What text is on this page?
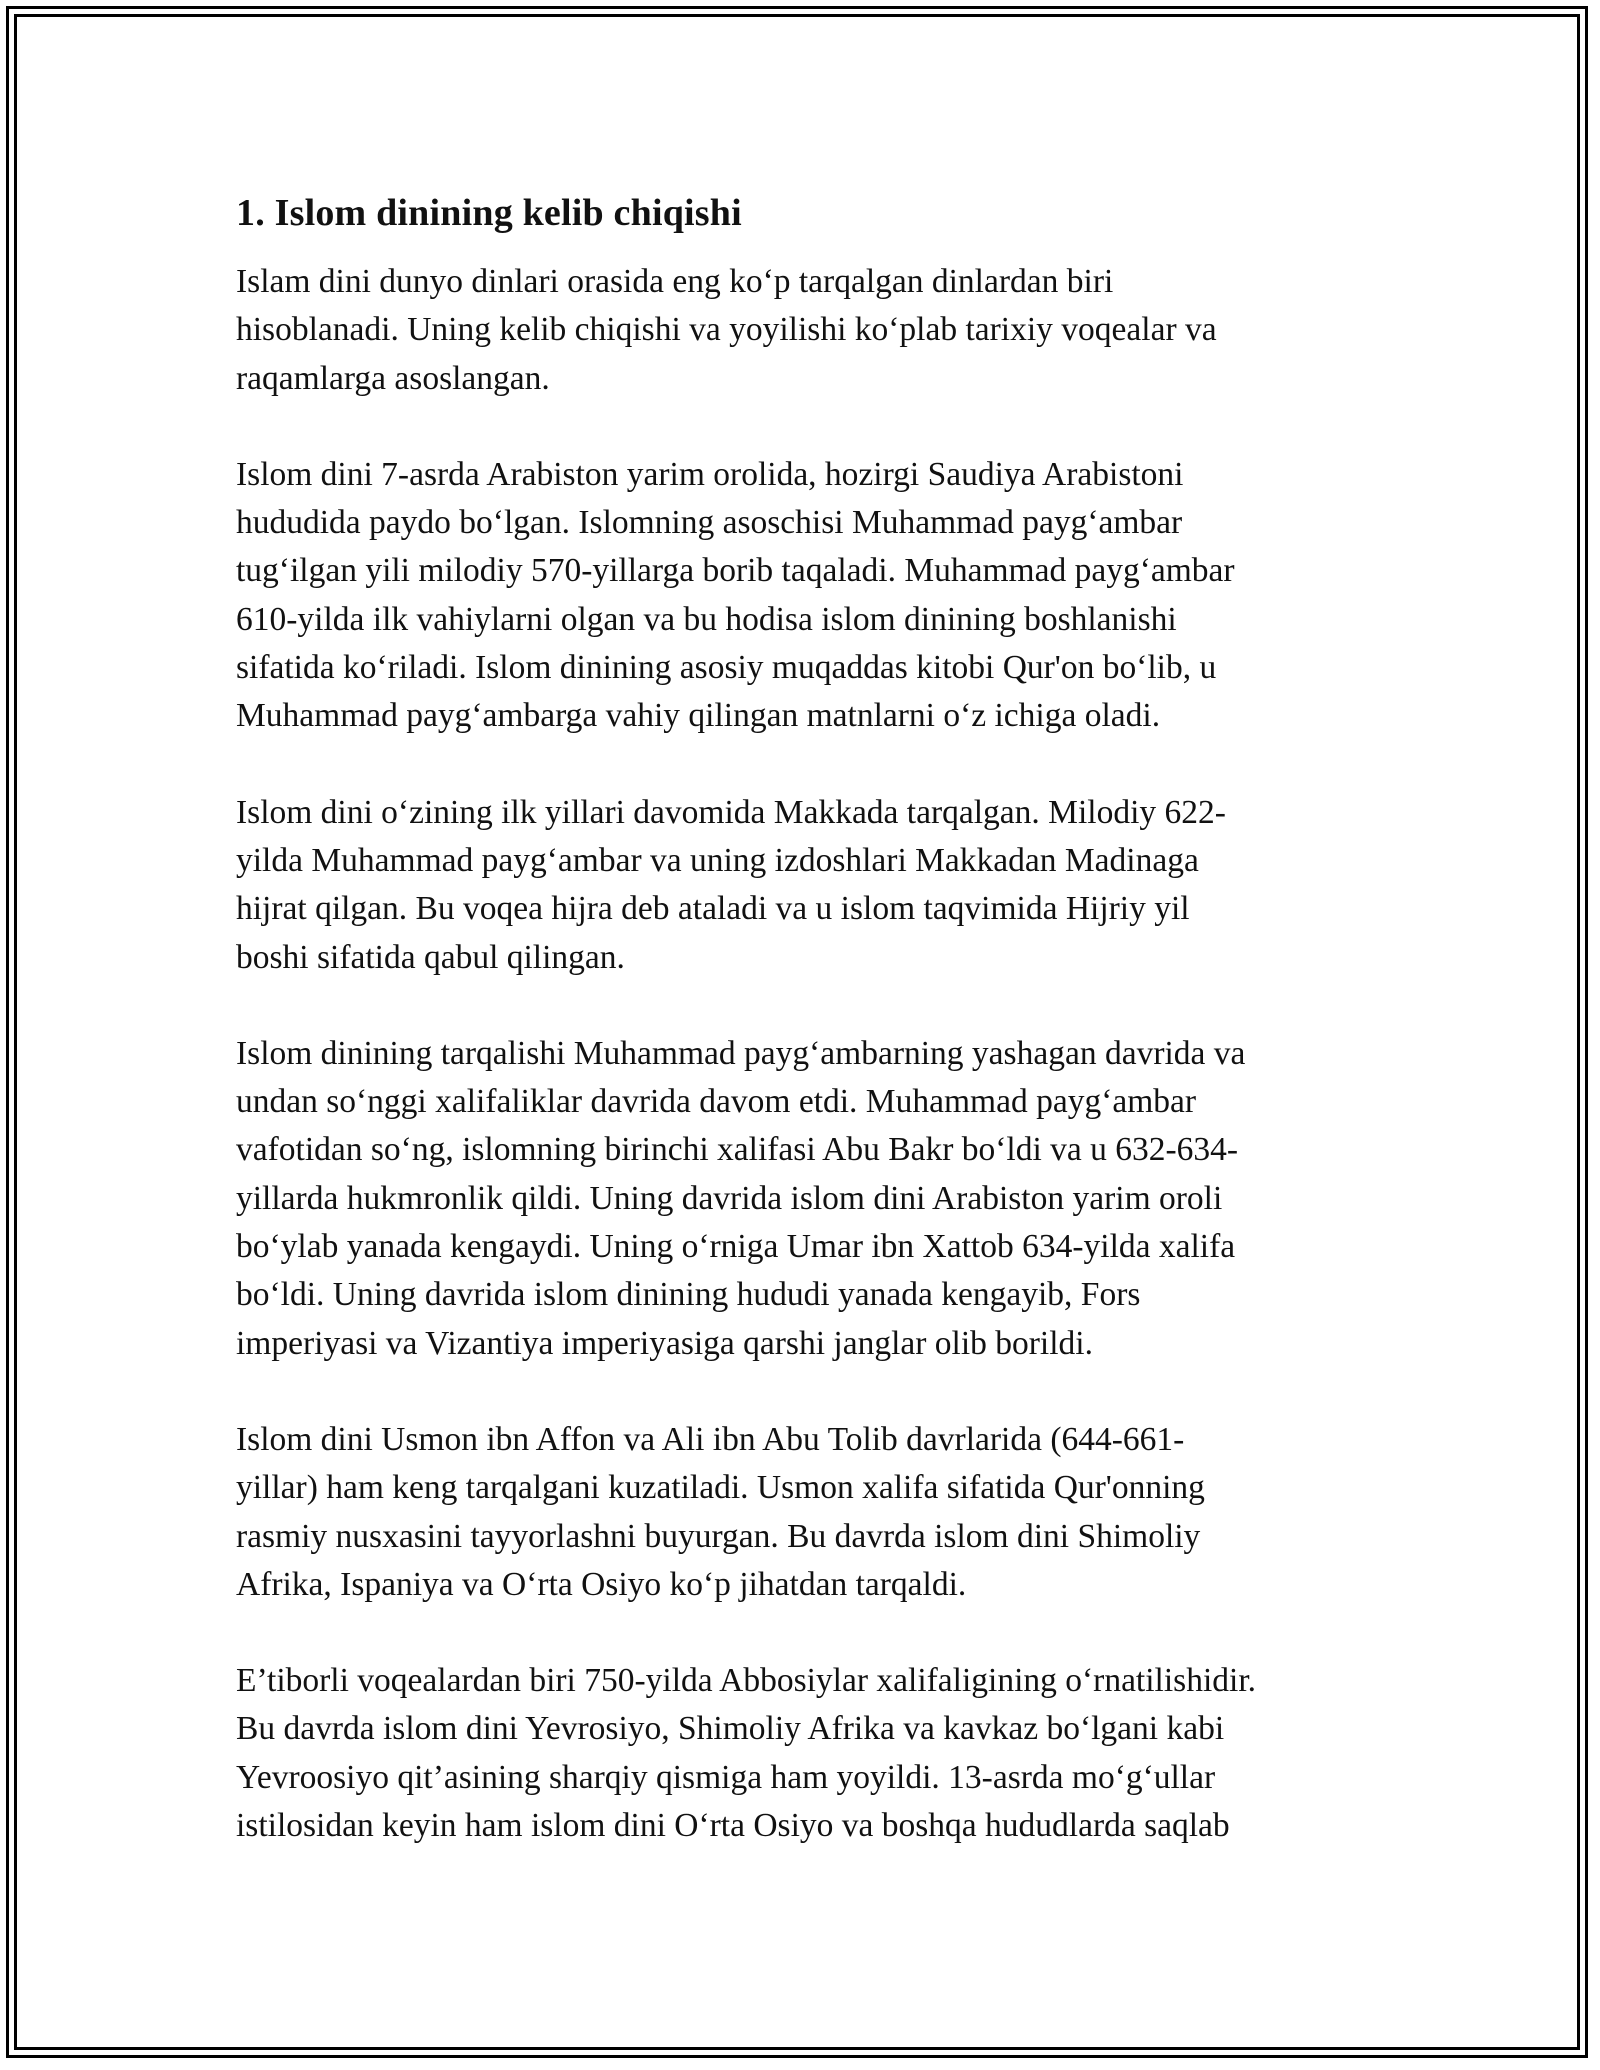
1. Islom dinining kelib chiqishi

Islam dini dunyo dinlari orasida eng koʻp tarqalgan dinlardan biri
hisoblanadi. Uning kelib chiqishi va yoyilishi koʻplab tarixiy voqealar va
raqamlarga asoslangan.

Islom dini 7-asrda Arabiston yarim orolida, hozirgi Saudiya Arabistoni
hududida paydo boʻlgan. Islomning asoschisi Muhammad paygʻambar
tugʻilgan yili milodiy 570-yillarga borib taqaladi. Muhammad paygʻambar
610-yilda ilk vahiylarni olgan va bu hodisa islom dinining boshlanishi
sifatida koʻriladi. Islom dinining asosiy muqaddas kitobi Qur'on boʻlib, u
Muhammad paygʻambarga vahiy qilingan matnlarni oʻz ichiga oladi.

Islom dini oʻzining ilk yillari davomida Makkada tarqalgan. Milodiy 622-
yilda Muhammad paygʻambar va uning izdoshlari Makkadan Madinaga
hijrat qilgan. Bu voqea hijra deb ataladi va u islom taqvimida Hijriy yil
boshi sifatida qabul qilingan.

Islom dinining tarqalishi Muhammad paygʻambarning yashagan davrida va
undan soʻnggi xalifaliklar davrida davom etdi. Muhammad paygʻambar
vafotidan soʻng, islomning birinchi xalifasi Abu Bakr boʻldi va u 632-634-
yillarda hukmronlik qildi. Uning davrida islom dini Arabiston yarim oroli
boʻylab yanada kengaydi. Uning oʻrniga Umar ibn Xattob 634-yilda xalifa
boʻldi. Uning davrida islom dinining hududi yanada kengayib, Fors
imperiyasi va Vizantiya imperiyasiga qarshi janglar olib borildi.

Islom dini Usmon ibn Affon va Ali ibn Abu Tolib davrlarida (644-661-
yillar) ham keng tarqalgani kuzatiladi. Usmon xalifa sifatida Qur'onning
rasmiy nusxasini tayyorlashni buyurgan. Bu davrda islom dini Shimoliy
Afrika, Ispaniya va Oʻrta Osiyo koʻp jihatdan tarqaldi.

E’tiborli voqealardan biri 750-yilda Abbosiylar xalifaligining oʻrnatilishidir.
Bu davrda islom dini Yevrosiyo, Shimoliy Afrika va kavkaz boʻlgani kabi
Yevroosiyo qit’asining sharqiy qismiga ham yoyildi. 13-asrda moʻgʻullar
istilosidan keyin ham islom dini Oʻrta Osiyo va boshqa hududlarda saqlab
